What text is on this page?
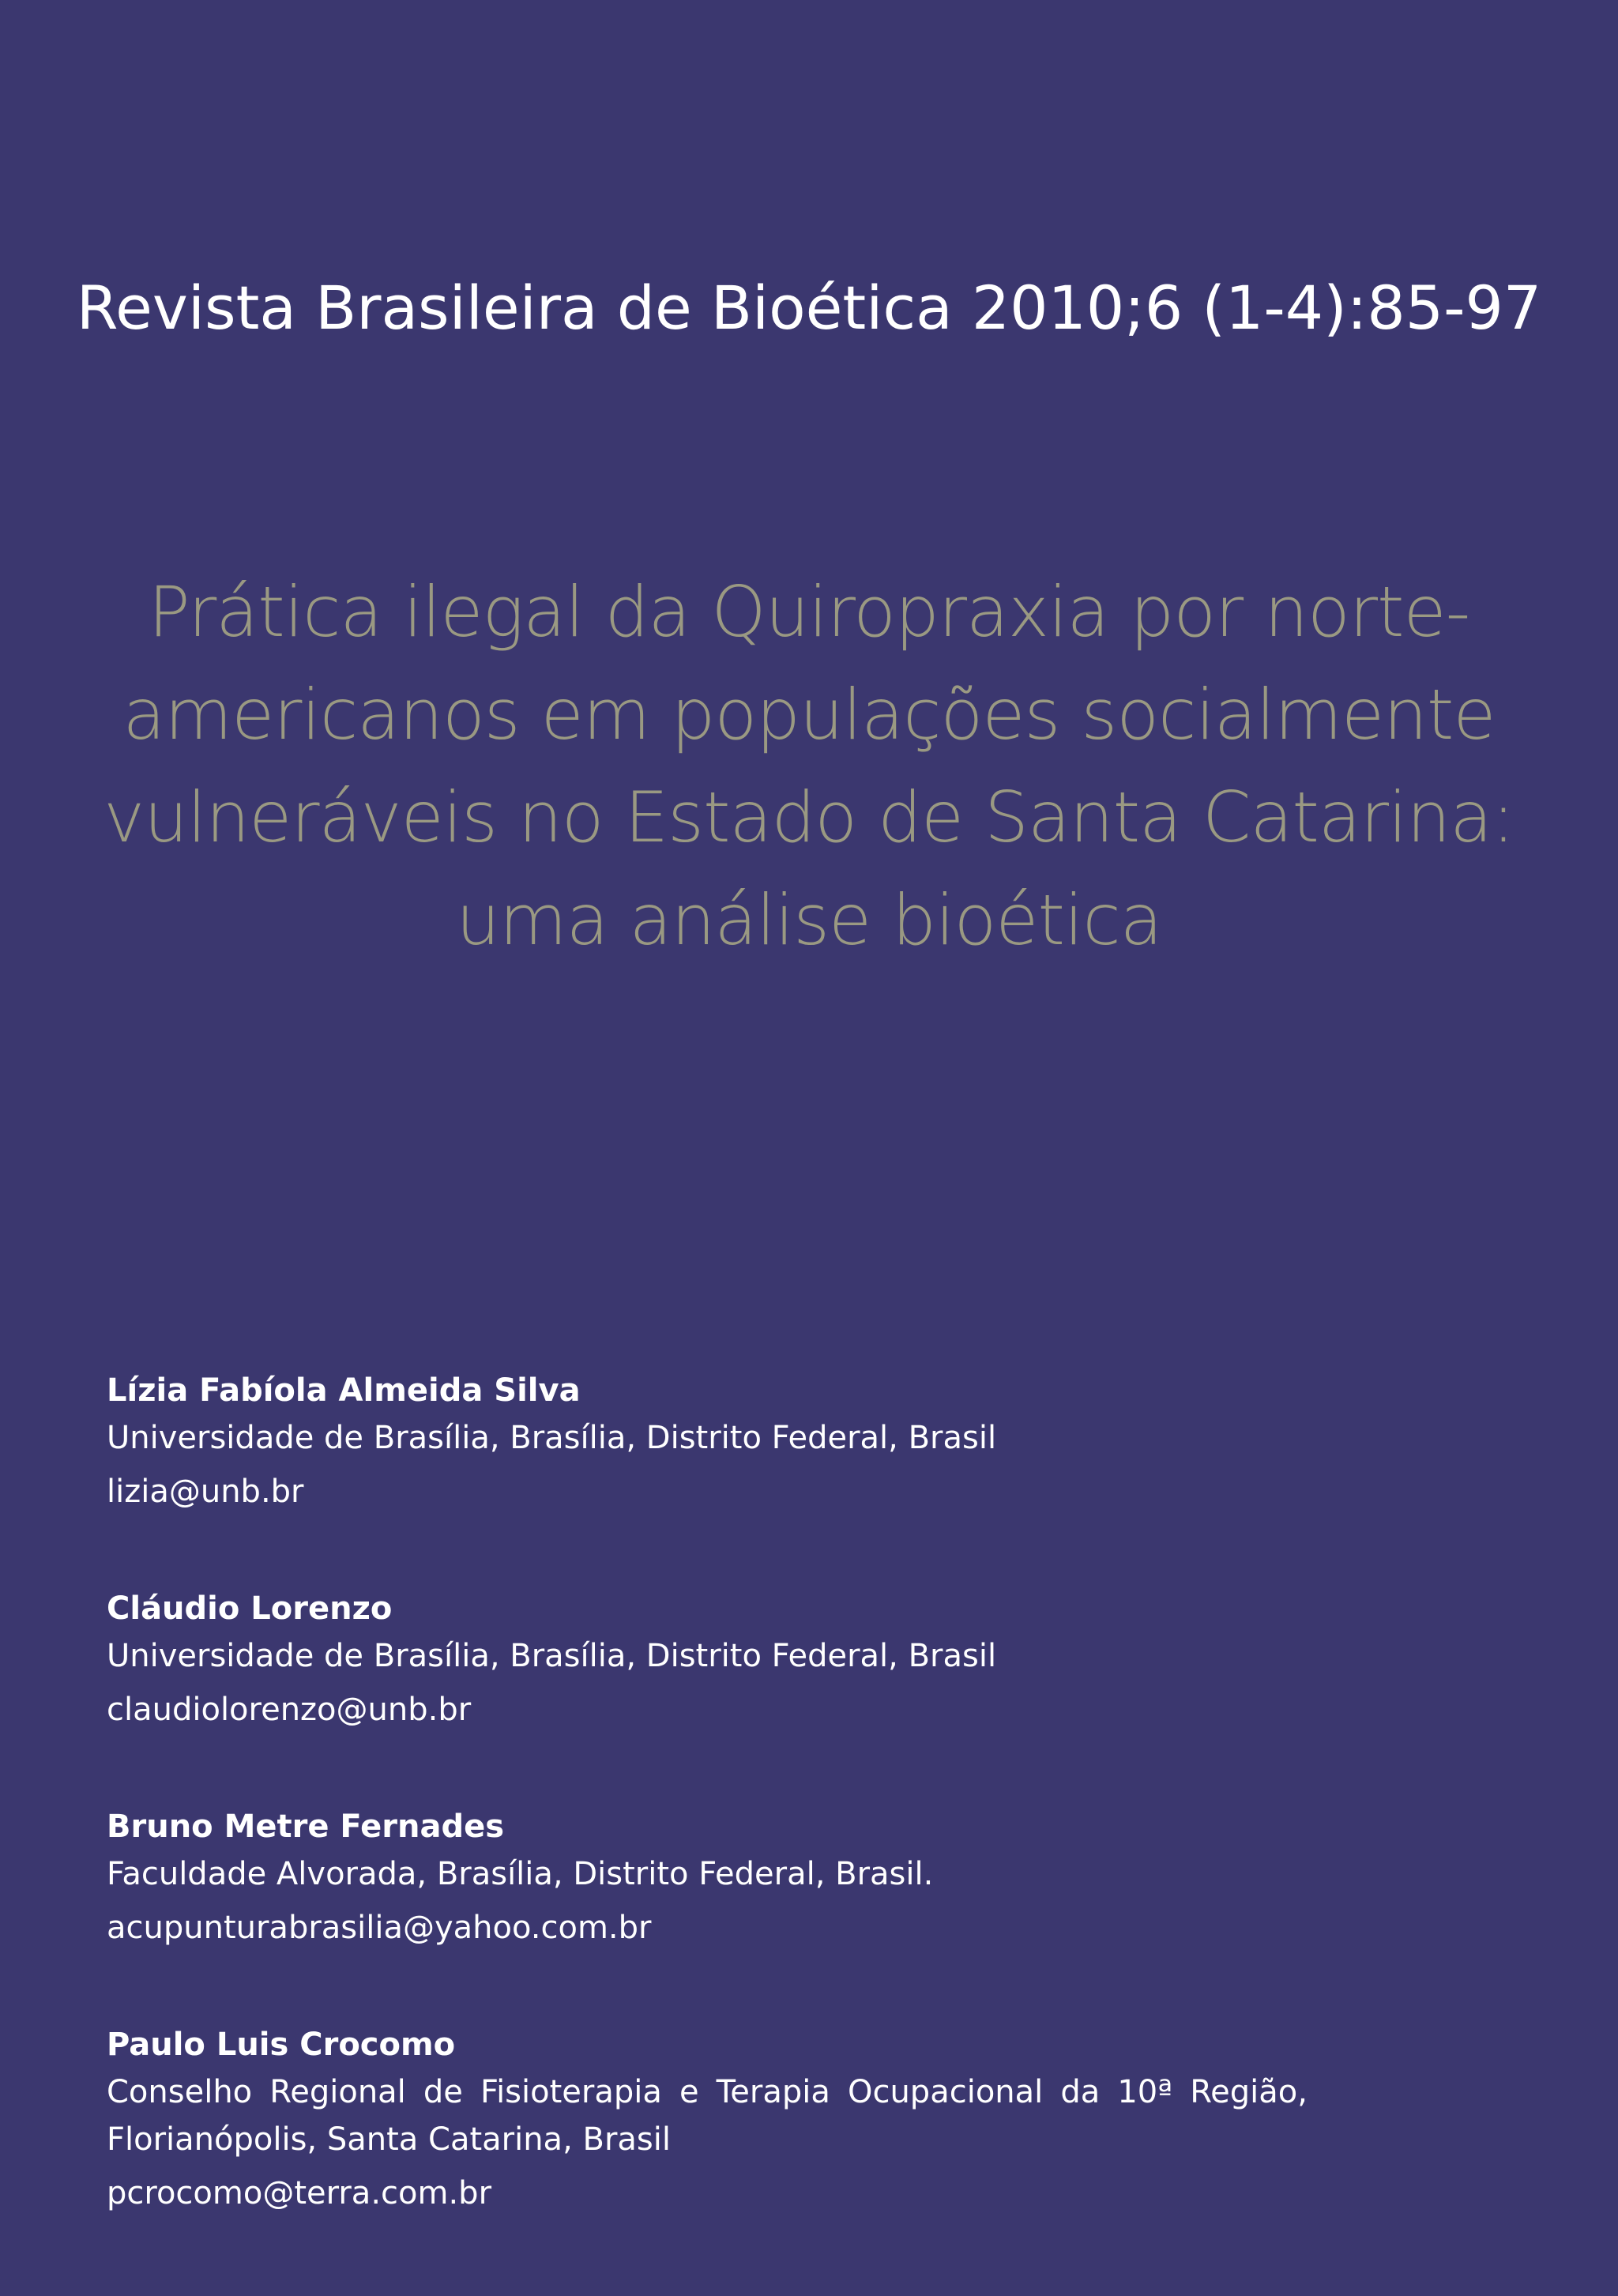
Revista Brasileira de Bioética 2010;6 (1-4):85-97
Prática ilegal da Quiropraxia por norte-
americanos em populações socialmente
vulneráveis no Estado de Santa Catarina:
uma análise bioética
Lízia Fabíola Almeida Silva
Universidade de Brasília, Brasília, Distrito Federal, Brasil
lizia@unb.br
Cláudio Lorenzo
Universidade de Brasília, Brasília, Distrito Federal, Brasil
claudiolorenzo@unb.br
Bruno Metre Fernades
Faculdade Alvorada, Brasília, Distrito Federal, Brasil.
acupunturabrasilia@yahoo.com.br
Paulo Luis Crocomo
Conselho Regional de Fisioterapia e Terapia Ocupacional da 10ª Região, Florianópolis, Santa Catarina, Brasil
pcrocomo@terra.com.br
